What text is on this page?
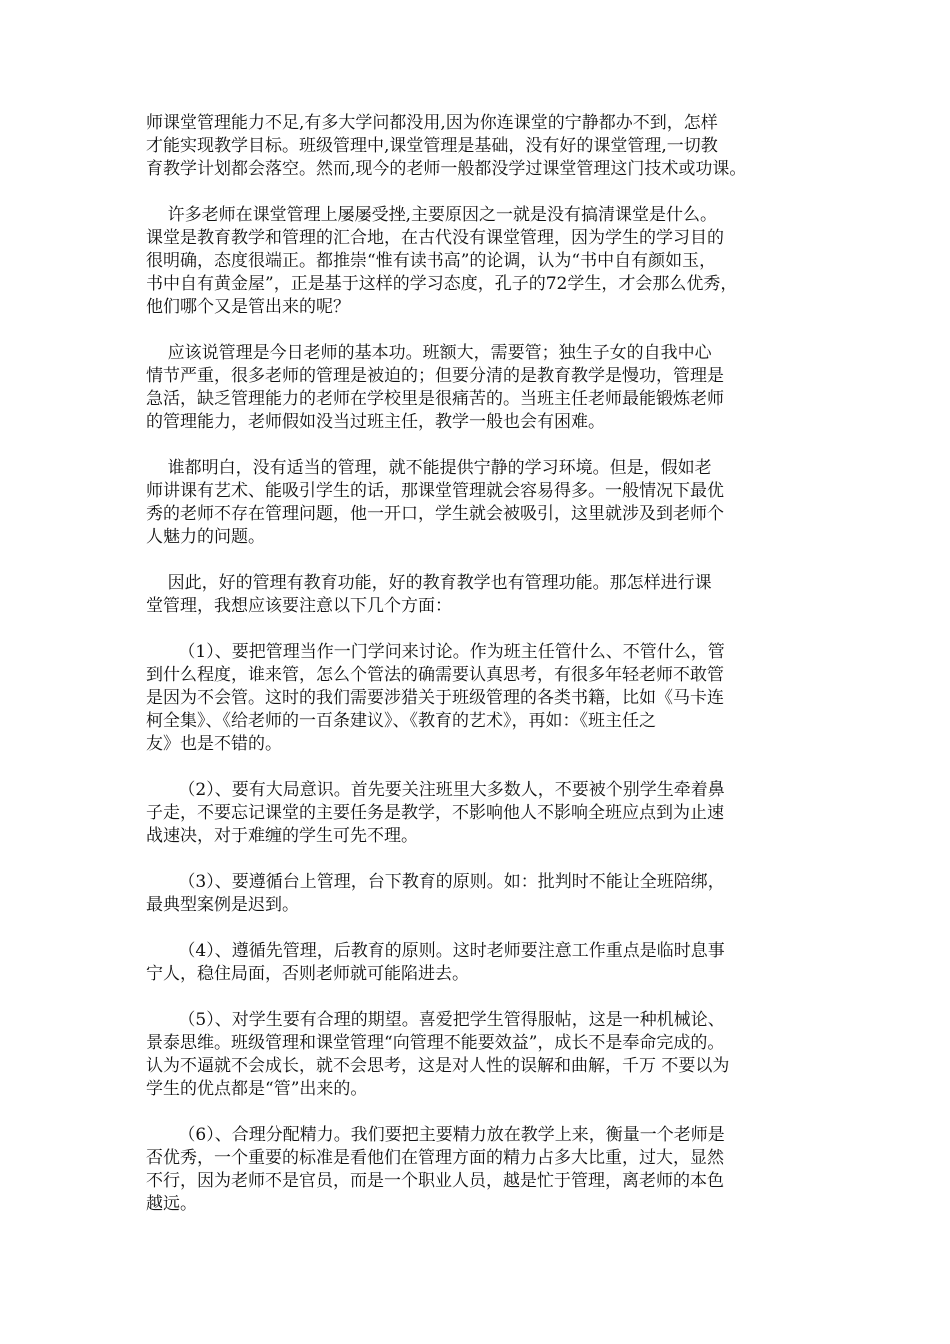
师课堂管理能力不足,有多大学问都没用,因为你连课堂的宁静都办不到，怎样
才能实现教学目标。班级管理中,课堂管理是基础，没有好的课堂管理,一切教
育教学计划都会落空。然而,现今的老师一般都没学过课堂管理这门技术或功课。
许多老师在课堂管理上屡屡受挫,主要原因之一就是没有搞清课堂是什么。
课堂是教育教学和管理的汇合地，在古代没有课堂管理，因为学生的学习目的
很明确，态度很端正。都推崇“惟有读书高”的论调，认为“书中自有颜如玉，
书中自有黄金屋”，正是基于这样的学习态度，孔子的72学生，才会那么优秀，
他们哪个又是管出来的呢？
应该说管理是今日老师的基本功。班额大，需要管；独生子女的自我中心
情节严重，很多老师的管理是被迫的；但要分清的是教育教学是慢功，管理是
急活，缺乏管理能力的老师在学校里是很痛苦的。当班主任老师最能锻炼老师
的管理能力，老师假如没当过班主任，教学一般也会有困难。
谁都明白，没有适当的管理，就不能提供宁静的学习环境。但是，假如老
师讲课有艺术、能吸引学生的话，那课堂管理就会容易得多。一般情况下最优
秀的老师不存在管理问题，他一开口，学生就会被吸引，这里就涉及到老师个
人魅力的问题。
因此，好的管理有教育功能，好的教育教学也有管理功能。那怎样进行课
堂管理，我想应该要注意以下几个方面：
（1）、要把管理当作一门学问来讨论。作为班主任管什么、不管什么，管
到什么程度，谁来管，怎么个管法的确需要认真思考，有很多年轻老师不敢管
是因为不会管。这时的我们需要涉猎关于班级管理的各类书籍，比如《马卡连
柯全集》、《给老师的一百条建议》、《教育的艺术》，再如：《班主任之
友》也是不错的。
（2）、要有大局意识。首先要关注班里大多数人，不要被个别学生牵着鼻
子走，不要忘记课堂的主要任务是教学，不影响他人不影响全班应点到为止速
战速决，对于难缠的学生可先不理。
（3）、要遵循台上管理，台下教育的原则。如：批判时不能让全班陪绑，
最典型案例是迟到。
（4）、遵循先管理，后教育的原则。这时老师要注意工作重点是临时息事
宁人，稳住局面，否则老师就可能陷进去。
（5）、对学生要有合理的期望。喜爱把学生管得服帖，这是一种机械论、
景泰思维。班级管理和课堂管理“向管理不能要效益”，成长不是奉命完成的。
认为不逼就不会成长，就不会思考，这是对人性的误解和曲解，千万 不要以为
学生的优点都是“管”出来的。
（6）、合理分配精力。我们要把主要精力放在教学上来，衡量一个老师是
否优秀，一个重要的标准是看他们在管理方面的精力占多大比重，过大，显然
不行，因为老师不是官员，而是一个职业人员，越是忙于管理，离老师的本色
越远。
